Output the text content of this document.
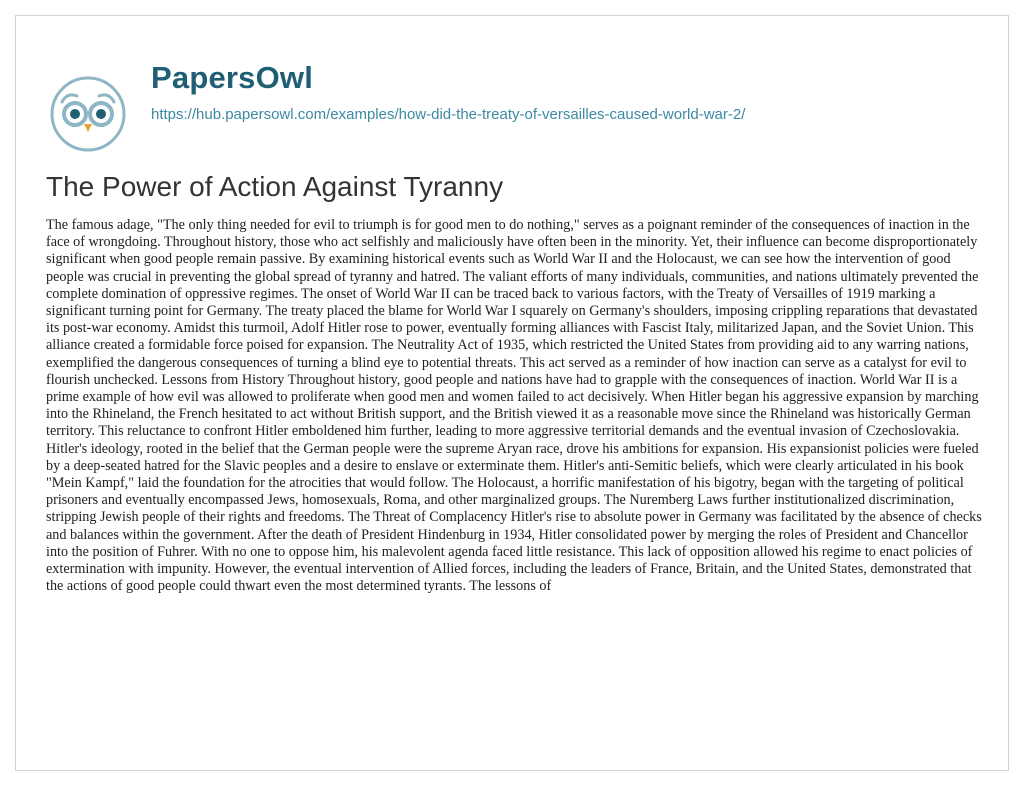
PapersOwl
https://hub.papersowl.com/examples/how-did-the-treaty-of-versailles-caused-world-war-2/
The Power of Action Against Tyranny

The famous adage, "The only thing needed for evil to triumph is for good men to do nothing," serves as a poignant reminder of the consequences of inaction in the face of wrongdoing. Throughout history, those who act selfishly and maliciously have often been in the minority. Yet, their influence can become disproportionately significant when good people remain passive. By examining historical events such as World War II and the Holocaust, we can see how the intervention of good people was crucial in preventing the global spread of tyranny and hatred. The valiant efforts of many individuals, communities, and nations ultimately prevented the complete domination of oppressive regimes. The onset of World War II can be traced back to various factors, with the Treaty of Versailles of 1919 marking a significant turning point for Germany. The treaty placed the blame for World War I squarely on Germany's shoulders, imposing crippling reparations that devastated its post-war economy. Amidst this turmoil, Adolf Hitler rose to power, eventually forming alliances with Fascist Italy, militarized Japan, and the Soviet Union. This alliance created a formidable force poised for expansion. The Neutrality Act of 1935, which restricted the United States from providing aid to any warring nations, exemplified the dangerous consequences of turning a blind eye to potential threats. This act served as a reminder of how inaction can serve as a catalyst for evil to flourish unchecked. Lessons from History Throughout history, good people and nations have had to grapple with the consequences of inaction. World War II is a prime example of how evil was allowed to proliferate when good men and women failed to act decisively. When Hitler began his aggressive expansion by marching into the Rhineland, the French hesitated to act without British support, and the British viewed it as a reasonable move since the Rhineland was historically German territory. This reluctance to confront Hitler emboldened him further, leading to more aggressive territorial demands and the eventual invasion of Czechoslovakia. Hitler's ideology, rooted in the belief that the German people were the supreme Aryan race, drove his ambitions for expansion. His expansionist policies were fueled by a deep-seated hatred for the Slavic peoples and a desire to enslave or exterminate them. Hitler's anti-Semitic beliefs, which were clearly articulated in his book "Mein Kampf," laid the foundation for the atrocities that would follow. The Holocaust, a horrific manifestation of his bigotry, began with the targeting of political prisoners and eventually encompassed Jews, homosexuals, Roma, and other marginalized groups. The Nuremberg Laws further institutionalized discrimination, stripping Jewish people of their rights and freedoms. The Threat of Complacency Hitler's rise to absolute power in Germany was facilitated by the absence of checks and balances within the government. After the death of President Hindenburg in 1934, Hitler consolidated power by merging the roles of President and Chancellor into the position of Fuhrer. With no one to oppose him, his malevolent agenda faced little resistance. This lack of opposition allowed his regime to enact policies of extermination with impunity. However, the eventual intervention of Allied forces, including the leaders of France, Britain, and the United States, demonstrated that the actions of good people could thwart even the most determined tyrants. The lessons of
